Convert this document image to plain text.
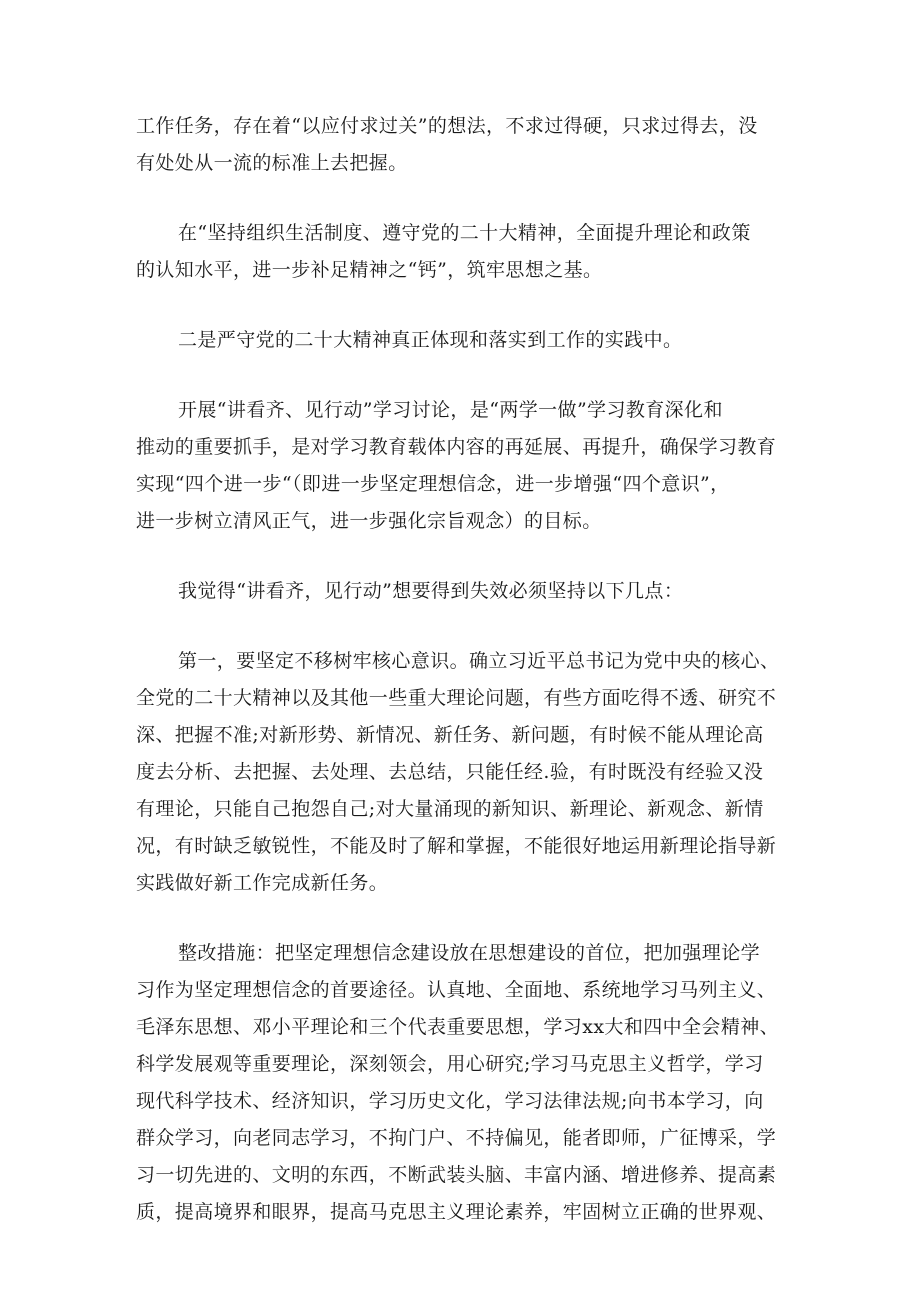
工作任务，存在着“以应付求过关”的想法，不求过得硬，只求过得去，没
有处处从一流的标准上去把握。

在“坚持组织生活制度、遵守党的二十大精神，全面提升理论和政策
的认知水平，进一步补足精神之“钙”，筑牢思想之基。

二是严守党的二十大精神真正体现和落实到工作的实践中。

开展“讲看齐、见行动”学习讨论，是“两学一做”学习教育深化和
推动的重要抓手，是对学习教育载体内容的再延展、再提升，确保学习教育
实现“四个进一步“（即进一步坚定理想信念，进一步增强“四个意识”，
进一步树立清风正气，进一步强化宗旨观念）的目标。

我觉得“讲看齐，见行动”想要得到失效必须坚持以下几点：

第一，要坚定不移树牢核心意识。确立习近平总书记为党中央的核心、
全党的二十大精神以及其他一些重大理论问题，有些方面吃得不透、研究不
深、把握不准;对新形势、新情况、新任务、新问题，有时候不能从理论高
度去分析、去把握、去处理、去总结，只能任经.验，有时既没有经验又没
有理论，只能自己抱怨自己;对大量涌现的新知识、新理论、新观念、新情
况，有时缺乏敏锐性，不能及时了解和掌握，不能很好地运用新理论指导新
实践做好新工作完成新任务。

整改措施：把坚定理想信念建设放在思想建设的首位，把加强理论学
习作为坚定理想信念的首要途径。认真地、全面地、系统地学习马列主义、
毛泽东思想、邓小平理论和三个代表重要思想，学习xx大和四中全会精神、
科学发展观等重要理论，深刻领会，用心研究;学习马克思主义哲学，学习
现代科学技术、经济知识，学习历史文化，学习法律法规;向书本学习，向
群众学习，向老同志学习，不拘门户、不持偏见，能者即师，广征博采，学
习一切先进的、文明的东西，不断武装头脑、丰富内涵、增进修养、提高素
质，提高境界和眼界，提高马克思主义理论素养，牢固树立正确的世界观、
